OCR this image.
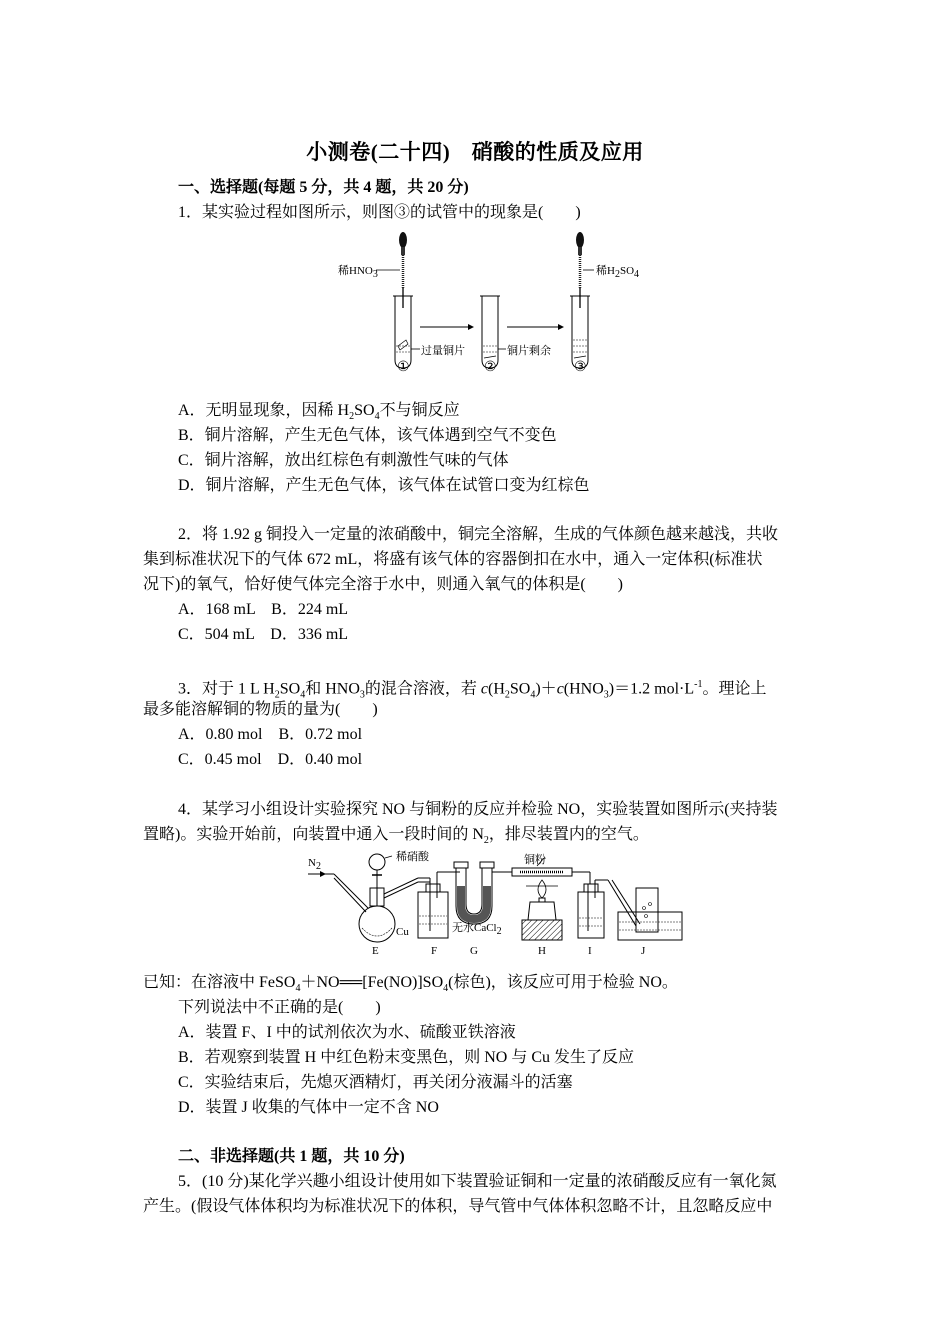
小测卷(二十四)　硝酸的性质及应用
一、选择题(每题 5 分，共 4 题，共 20 分)
1．某实验过程如图所示，则图③的试管中的现象是(　　)
稀$HNO_3$	稀$H_2SO_4$
过量铜片	铜片剩余
①	②	③
A．无明显现象，因稀 $H_2SO_4$不与铜反应
B．铜片溶解，产生无色气体，该气体遇到空气不变色
C．铜片溶解，放出红棕色有刺激性气味的气体
D．铜片溶解，产生无色气体，该气体在试管口变为红棕色
2．将 1.92 g 铜投入一定量的浓硝酸中，铜完全溶解，生成的气体颜色越来越浅，共收
集到标准状况下的气体 672 mL，将盛有该气体的容器倒扣在水中，通入一定体积(标准状
况下)的氧气，恰好使气体完全溶于水中，则通入氧气的体积是(　　)
A．168 mL　B．224 mL
C．504 mL　D．336 mL
3．对于 1 L $H_2SO_4$和 $HNO_3$的混合溶液，若 $c(H_2SO_4)+c(HNO_3)=1.2$ $mol\cdot L^{-1}$。理论上
最多能溶解铜的物质的量为(　　)
A．0.80 mol　B．0.72 mol
C．0.45 mol　D．0.40 mol
4．某学习小组设计实验探究 NO 与铜粉的反应并检验 NO，实验装置如图所示(夹持装
置略)。实验开始前，向装置中通入一段时间的 $N_2$，排尽装置内的空气。
$N_2$
稀硝酸
Cu	无水CaCl$_2$
铜粉
E	F	G	H	I	J
已知：在溶液中 $FeSO_4+NO══[Fe(NO)]SO_4$(棕色)，该反应可用于检验 NO。
下列说法中不正确的是(　　)
A．装置 F、I 中的试剂依次为水、硫酸亚铁溶液
B．若观察到装置 H 中红色粉末变黑色，则 NO 与 Cu 发生了反应
C．实验结束后，先熄灭酒精灯，再关闭分液漏斗的活塞
D．装置 J 收集的气体中一定不含 NO
二、非选择题(共 1 题，共 10 分)
5．(10 分)某化学兴趣小组设计使用如下装置验证铜和一定量的浓硝酸反应有一氧化氮
产生。(假设气体体积均为标准状况下的体积，导气管中气体体积忽略不计，且忽略反应中
